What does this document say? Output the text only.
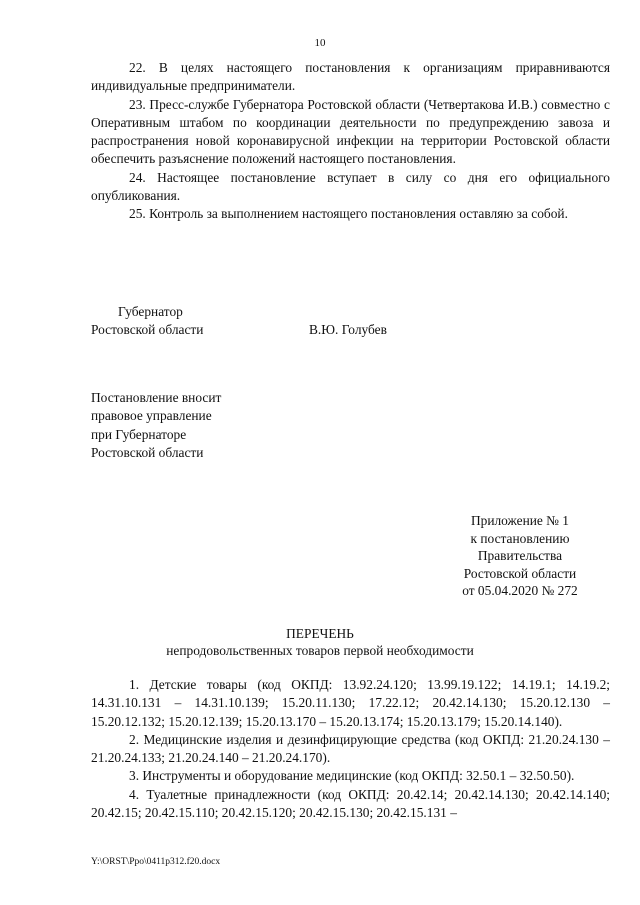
10

22. В целях настоящего постановления к организациям приравниваются индивидуальные предприниматели.

23. Пресс-службе Губернатора Ростовской области (Четвертакова И.В.) совместно с Оперативным штабом по координации деятельности по предупреждению завоза и распространения новой коронавирусной инфекции на территории Ростовской области обеспечить разъяснение положений настоящего постановления.

24. Настоящее постановление вступает в силу со дня его официального опубликования.

25. Контроль за выполнением настоящего постановления оставляю за собой.

Губернатор
Ростовской области	В.Ю. Голубев
Постановление вносит
правовое управление
при Губернаторе
Ростовской области
Приложение № 1
к постановлению
Правительства
Ростовской области
от 05.04.2020 № 272
ПЕРЕЧЕНЬ
непродовольственных товаров первой необходимости

1. Детские товары (код ОКПД: 13.92.24.120; 13.99.19.122; 14.19.1; 14.19.2; 14.31.10.131 – 14.31.10.139; 15.20.11.130; 17.22.12; 20.42.14.130; 15.20.12.130 – 15.20.12.132; 15.20.12.139; 15.20.13.170 – 15.20.13.174; 15.20.13.179; 15.20.14.140).

2. Медицинские изделия и дезинфицирующие средства (код ОКПД: 21.20.24.130 – 21.20.24.133; 21.20.24.140 – 21.20.24.170).

3. Инструменты и оборудование медицинские (код ОКПД: 32.50.1 – 32.50.50).

4. Туалетные принадлежности (код ОКПД: 20.42.14; 20.42.14.130; 20.42.14.140; 20.42.15; 20.42.15.110; 20.42.15.120; 20.42.15.130; 20.42.15.131 –

Y:\ORST\Ppo\0411p312.f20.docx
